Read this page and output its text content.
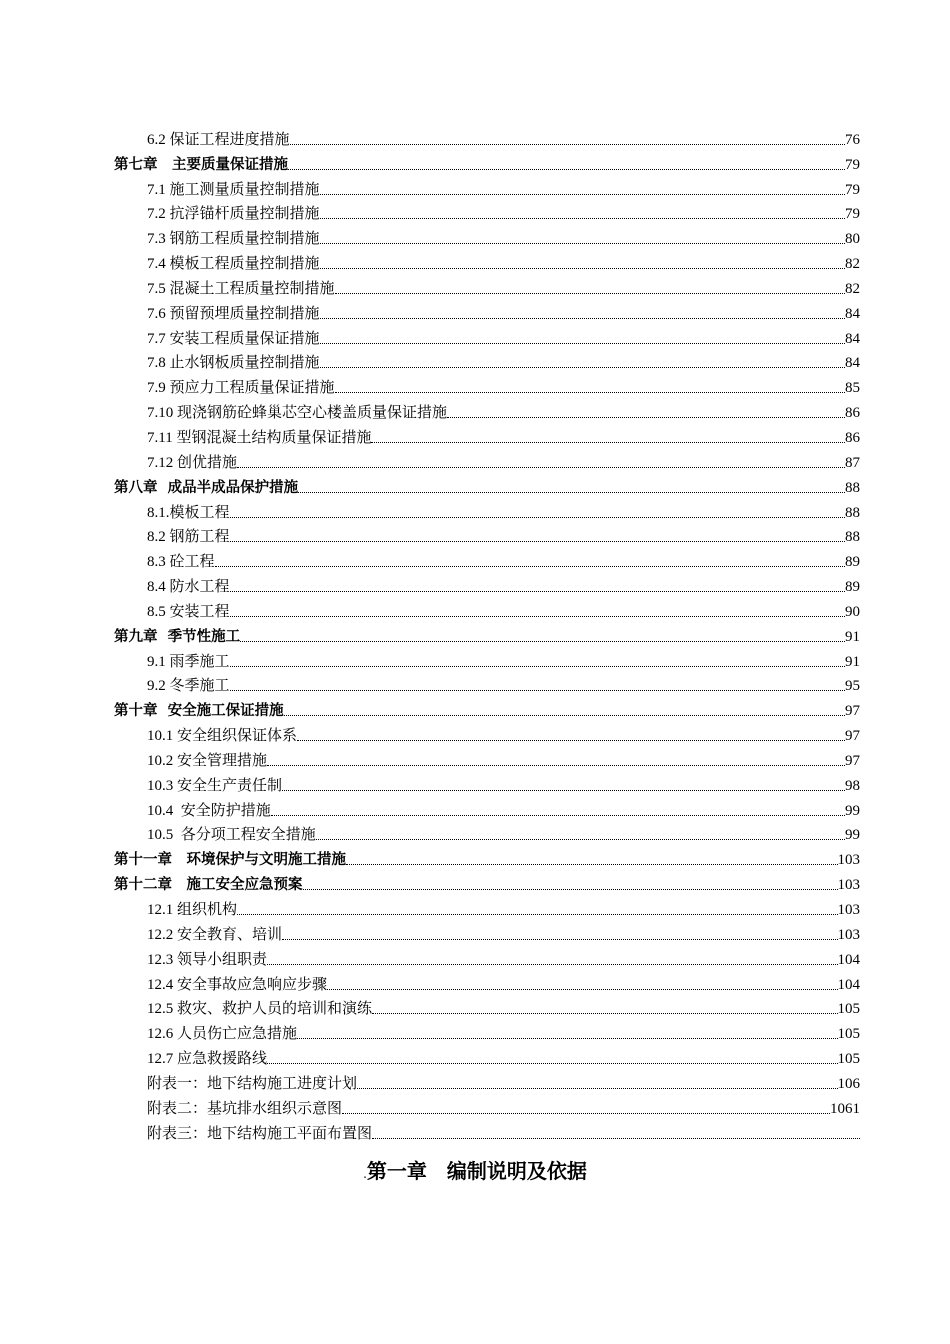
6.2 保证工程进度措施	76
第七章　主要质量保证措施	79
7.1 施工测量质量控制措施	79
7.2 抗浮锚杆质量控制措施	79
7.3 钢筋工程质量控制措施	80
7.4 模板工程质量控制措施	82
7.5 混凝土工程质量控制措施	82
7.6 预留预埋质量控制措施	84
7.7 安装工程质量保证措施	84
7.8 止水钢板质量控制措施	84
7.9 预应力工程质量保证措施	85
7.10 现浇钢筋砼蜂巢芯空心楼盖质量保证措施	86
7.11 型钢混凝土结构质量保证措施	86
7.12 创优措施	87
第八章  成品半成品保护措施	88
8.1.模板工程	88
8.2 钢筋工程	88
8.3 砼工程	89
8.4 防水工程	89
8.5 安装工程	90
第九章  季节性施工	91
9.1 雨季施工	91
9.2 冬季施工	95
第十章  安全施工保证措施	97
10.1 安全组织保证体系	97
10.2 安全管理措施	97
10.3 安全生产责任制	98
10.4  安全防护措施	99
10.5  各分项工程安全措施	99
第十一章　环境保护与文明施工措施	103
第十二章　施工安全应急预案	103
12.1 组织机构	103
12.2 安全教育、培训	103
12.3 领导小组职责	104
12.4 安全事故应急响应步骤	104
12.5 救灾、救护人员的培训和演练	105
12.6 人员伤亡应急措施	105
12.7 应急救援路线	105
附表一：地下结构施工进度计划	106
附表二：基坑排水组织示意图	1061
附表三：地下结构施工平面布置图
.第一章　编制说明及依据
